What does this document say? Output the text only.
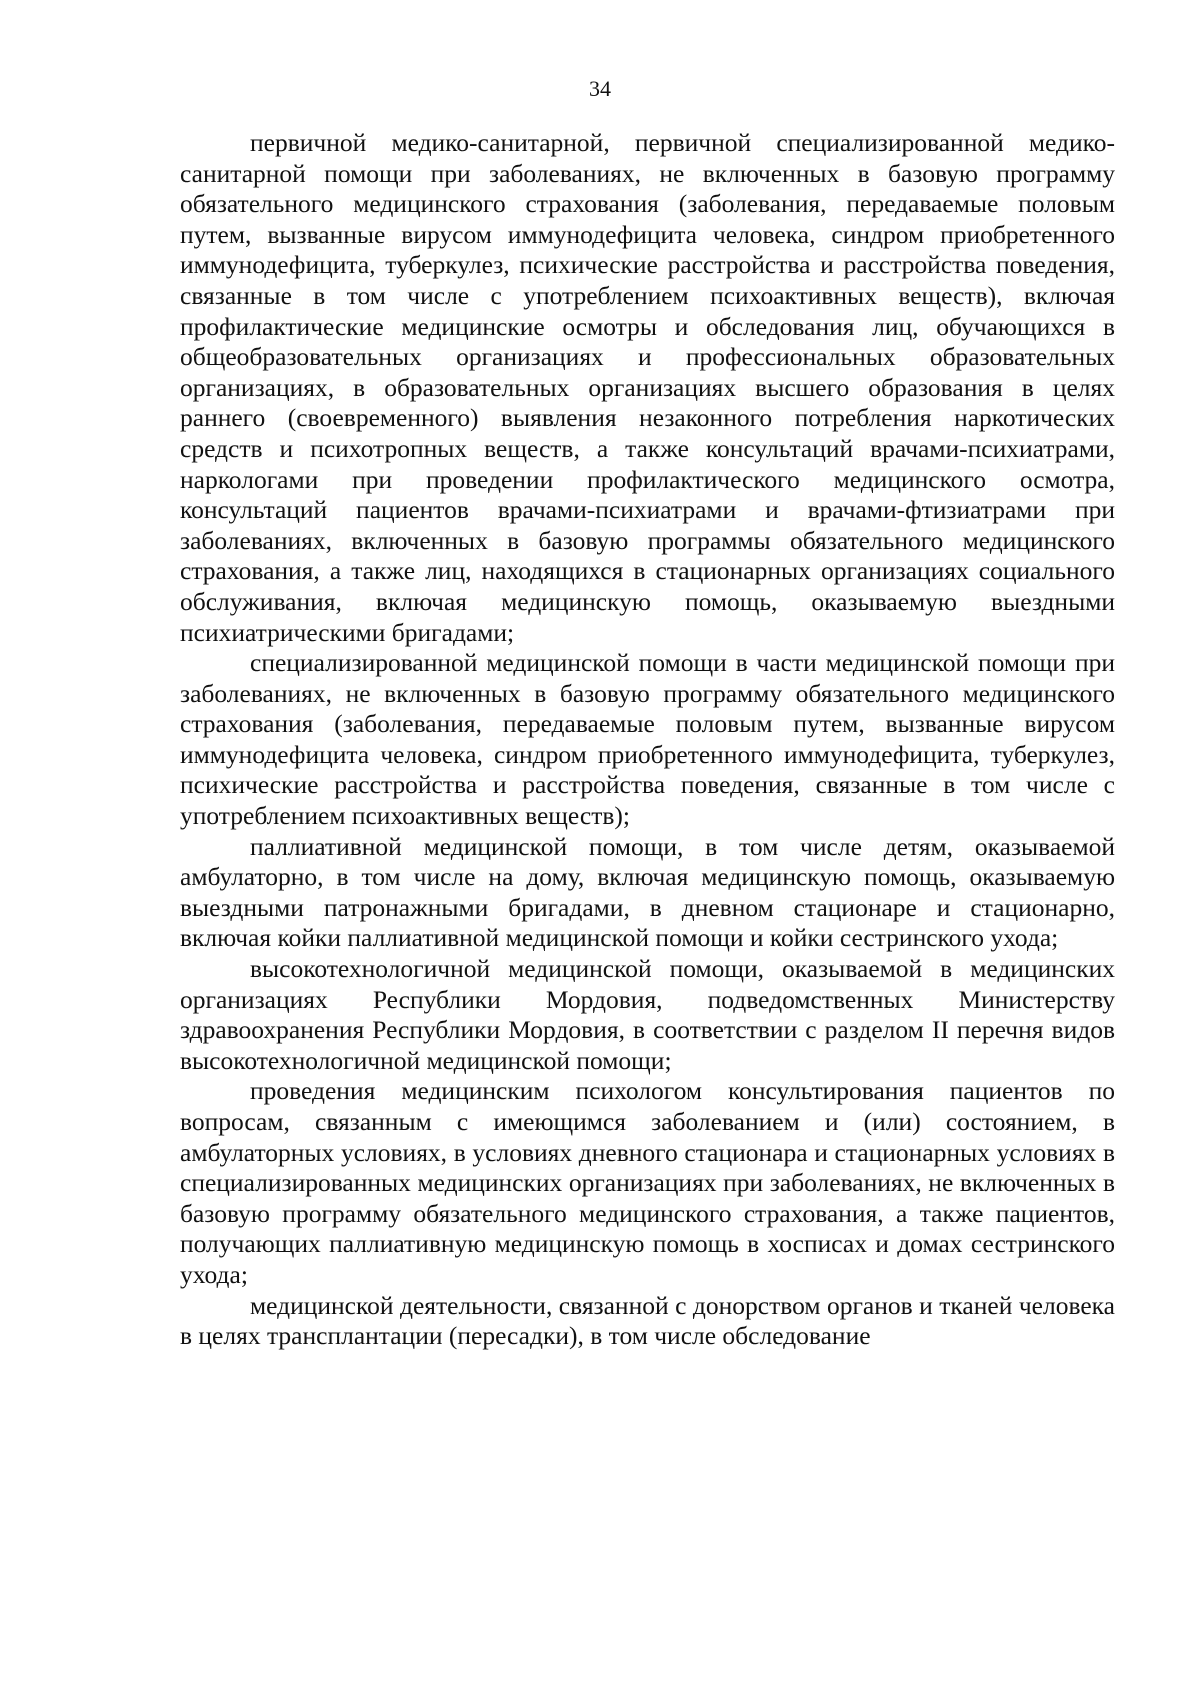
34

первичной медико-санитарной, первичной специализированной медико-санитарной помощи при заболеваниях, не включенных в базовую программу обязательного медицинского страхования (заболевания, передаваемые половым путем, вызванные вирусом иммунодефицита человека, синдром приобретенного иммунодефицита, туберкулез, психические расстройства и расстройства поведения, связанные в том числе с употреблением психоактивных веществ), включая профилактические медицинские осмотры и обследования лиц, обучающихся в общеобразовательных организациях и профессиональных образовательных организациях, в образовательных организациях высшего образования в целях раннего (своевременного) выявления незаконного потребления наркотических средств и психотропных веществ, а также консультаций врачами-психиатрами, наркологами при проведении профилактического медицинского осмотра, консультаций пациентов врачами-психиатрами и врачами-фтизиатрами при заболеваниях, включенных в базовую программы обязательного медицинского страхования, а также лиц, находящихся в стационарных организациях социального обслуживания, включая медицинскую помощь, оказываемую выездными психиатрическими бригадами;

специализированной медицинской помощи в части медицинской помощи при заболеваниях, не включенных в базовую программу обязательного медицинского страхования (заболевания, передаваемые половым путем, вызванные вирусом иммунодефицита человека, синдром приобретенного иммунодефицита, туберкулез, психические расстройства и расстройства поведения, связанные в том числе с употреблением психоактивных веществ);

паллиативной медицинской помощи, в том числе детям, оказываемой амбулаторно, в том числе на дому, включая медицинскую помощь, оказываемую выездными патронажными бригадами, в дневном стационаре и стационарно, включая койки паллиативной медицинской помощи и койки сестринского ухода;

высокотехнологичной медицинской помощи, оказываемой в медицинских организациях Республики Мордовия, подведомственных Министерству здравоохранения Республики Мордовия, в соответствии с разделом II перечня видов высокотехнологичной медицинской помощи;

проведения медицинским психологом консультирования пациентов по вопросам, связанным с имеющимся заболеванием и (или) состоянием, в амбулаторных условиях, в условиях дневного стационара и стационарных условиях в специализированных медицинских организациях при заболеваниях, не включенных в базовую программу обязательного медицинского страхования, а также пациентов, получающих паллиативную медицинскую помощь в хосписах и домах сестринского ухода;

медицинской деятельности, связанной с донорством органов и тканей человека в целях трансплантации (пересадки), в том числе обследование
